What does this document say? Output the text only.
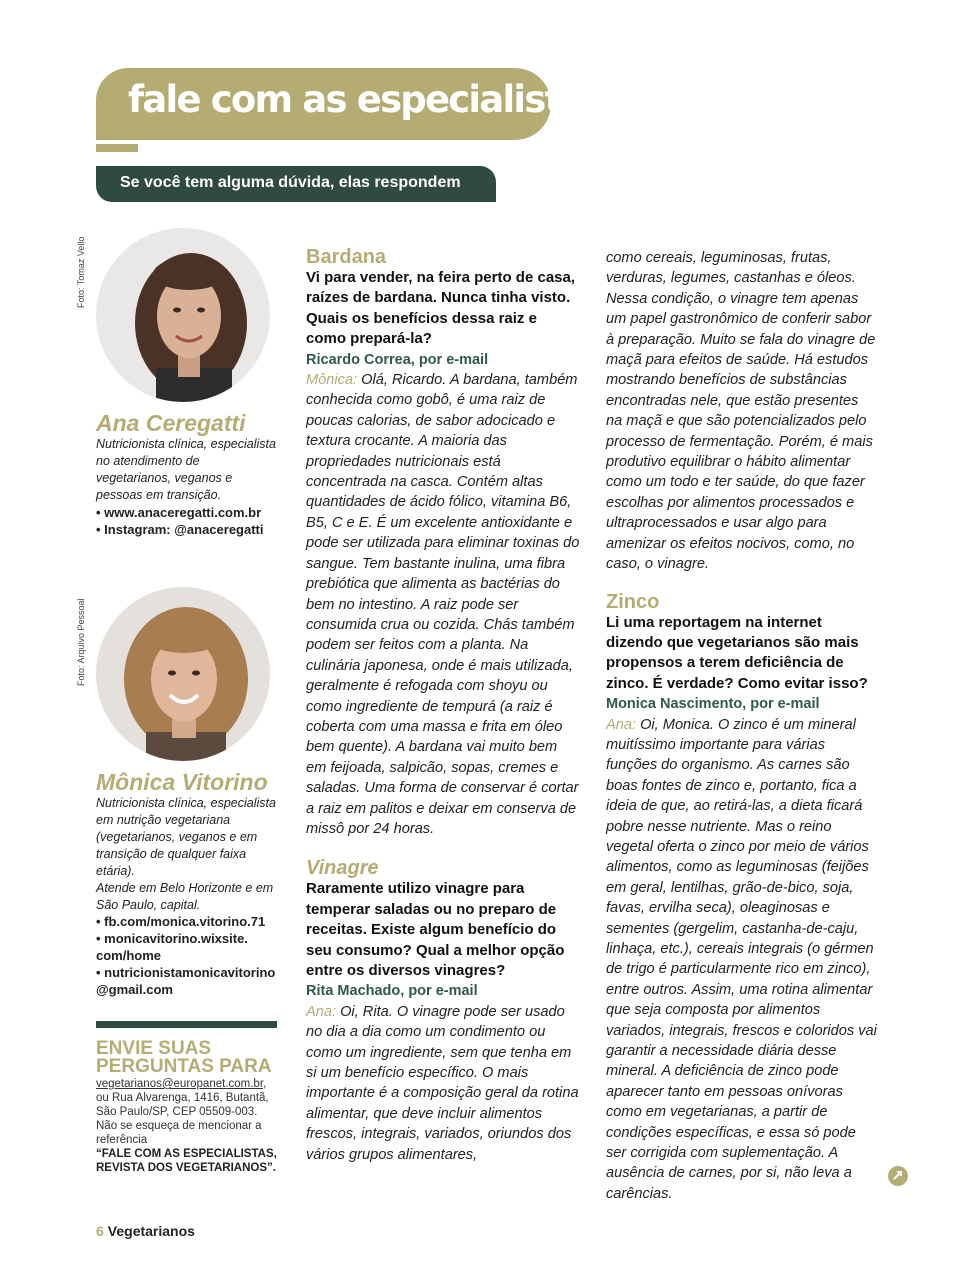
fale com as especialistas
Se você tem alguma dúvida, elas respondem
Foto: Tomaz Vello
Ana Ceregatti
Nutricionista clínica, especialista no atendimento de vegetarianos, veganos e pessoas em transição.
• www.anaceregatti.com.br
• Instagram: @anaceregatti
Foto: Arquivo Pessoal
Mônica Vitorino
Nutricionista clínica, especialista em nutrição vegetariana (vegetarianos, veganos e em transição de qualquer faixa etária).
Atende em Belo Horizonte e em São Paulo, capital.
• fb.com/monica.vitorino.71
• monicavitorino.wixsite.
com/home
• nutricionistamonicavitorino
@gmail.com
ENVIE SUAS
PERGUNTAS PARA
vegetarianos@europanet.com.br, ou Rua Alvarenga, 1416, Butantã, São Paulo/SP, CEP 05509-003. Não se esqueça de mencionar a referência
“FALE COM AS ESPECIALISTAS, REVISTA DOS VEGETARIANOS”.
Bardana
Vi para vender, na feira perto de casa, raízes de bardana. Nunca tinha visto. Quais os benefícios dessa raiz e como prepará-la?
Ricardo Correa, por e-mail
Mônica: Olá, Ricardo. A bardana, também conhecida como gobô, é uma raiz de poucas calorias, de sabor adocicado e textura crocante. A maioria das propriedades nutricionais está concentrada na casca. Contém altas quantidades de ácido fólico, vitamina B6, B5, C e E. É um excelente antioxidante e pode ser utilizada para eliminar toxinas do sangue. Tem bastante inulina, uma fibra prebiótica que alimenta as bactérias do bem no intestino. A raiz pode ser consumida crua ou cozida. Chás também podem ser feitos com a planta. Na culinária japonesa, onde é mais utilizada, geralmente é refogada com shoyu ou como ingrediente de tempurá (a raiz é coberta com uma massa e frita em óleo bem quente). A bardana vai muito bem em feijoada, salpicão, sopas, cremes e saladas. Uma forma de conservar é cortar a raiz em palitos e deixar em conserva de missô por 24 horas.
Vinagre
Raramente utilizo vinagre para temperar saladas ou no preparo de receitas. Existe algum benefício do seu consumo? Qual a melhor opção entre os diversos vinagres?
Rita Machado, por e-mail
Ana: Oi, Rita. O vinagre pode ser usado no dia a dia como um condimento ou como um ingrediente, sem que tenha em si um benefício específico. O mais importante é a composição geral da rotina alimentar, que deve incluir alimentos frescos, integrais, variados, oriundos dos vários grupos alimentares,
como cereais, leguminosas, frutas, verduras, legumes, castanhas e óleos. Nessa condição, o vinagre tem apenas um papel gastronômico de conferir sabor à preparação. Muito se fala do vinagre de maçã para efeitos de saúde. Há estudos mostrando benefícios de substâncias encontradas nele, que estão presentes na maçã e que são potencializados pelo processo de fermentação. Porém, é mais produtivo equilibrar o hábito alimentar como um todo e ter saúde, do que fazer escolhas por alimentos processados e ultraprocessados e usar algo para amenizar os efeitos nocivos, como, no caso, o vinagre.
Zinco
Li uma reportagem na internet dizendo que vegetarianos são mais propensos a terem deficiência de zinco. É verdade? Como evitar isso?
Monica Nascimento, por e-mail
Ana: Oi, Monica. O zinco é um mineral muitíssimo importante para várias funções do organismo. As carnes são boas fontes de zinco e, portanto, fica a ideia de que, ao retirá-las, a dieta ficará pobre nesse nutriente. Mas o reino vegetal oferta o zinco por meio de vários alimentos, como as leguminosas (feijões em geral, lentilhas, grão-de-bico, soja, favas, ervilha seca), oleaginosas e sementes (gergelim, castanha-de-caju, linhaça, etc.), cereais integrais (o gérmen de trigo é particularmente rico em zinco), entre outros. Assim, uma rotina alimentar que seja composta por alimentos variados, integrais, frescos e coloridos vai garantir a necessidade diária desse mineral. A deficiência de zinco pode aparecer tanto em pessoas onívoras como em vegetarianas, a partir de condições específicas, e essa só pode ser corrigida com suplementação. A ausência de carnes, por si, não leva a carências.
6 Vegetarianos
